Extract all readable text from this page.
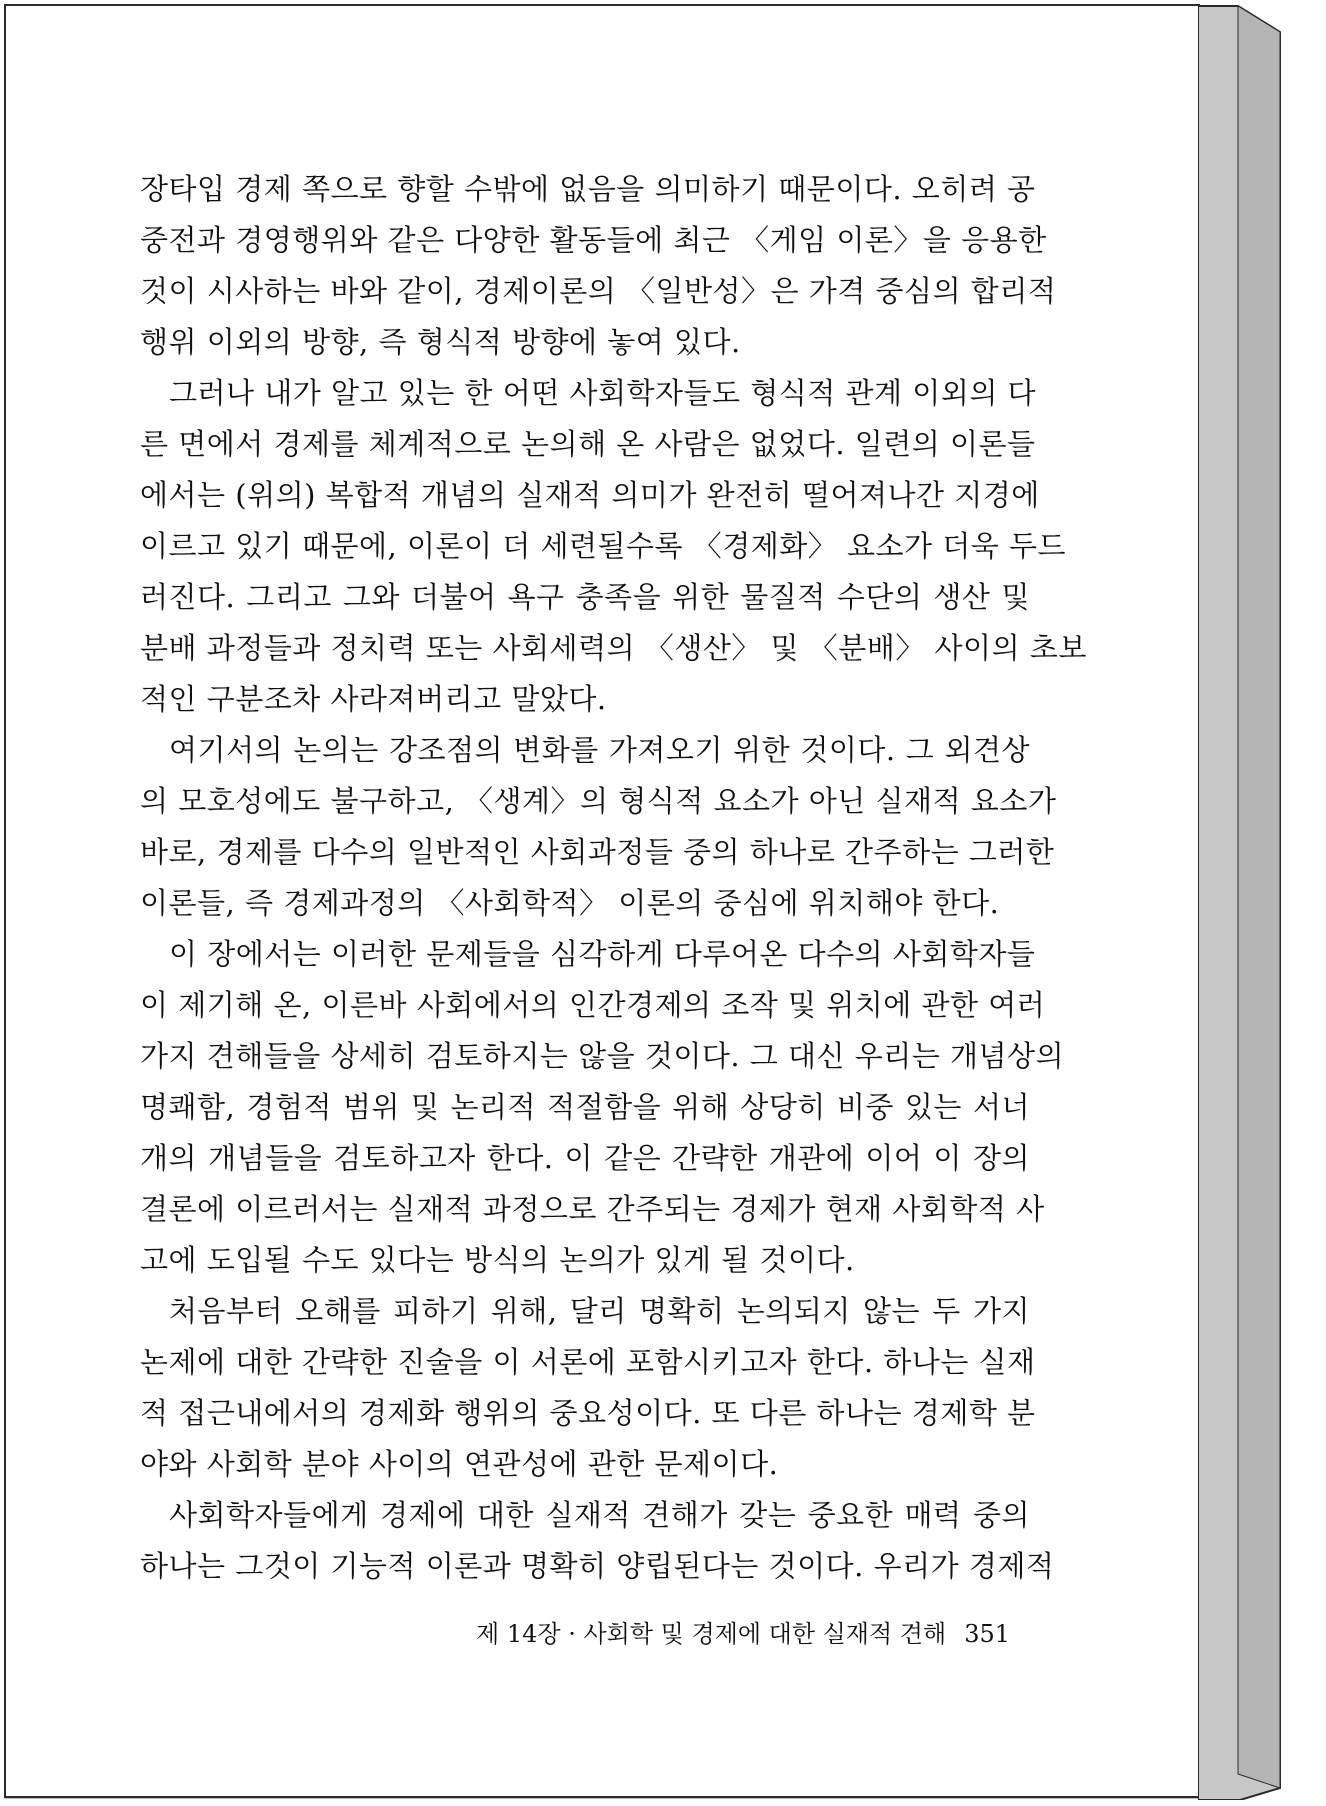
장타입 경제 쪽으로 향할 수밖에 없음을 의미하기 때문이다. 오히려 공
중전과 경영행위와 같은 다양한 활동들에 최근 〈게임 이론〉을 응용한
것이 시사하는 바와 같이, 경제이론의 〈일반성〉은 가격 중심의 합리적
행위 이외의 방향, 즉 형식적 방향에 놓여 있다.
그러나 내가 알고 있는 한 어떤 사회학자들도 형식적 관계 이외의 다
른 면에서 경제를 체계적으로 논의해 온 사람은 없었다. 일련의 이론들
에서는 (위의) 복합적 개념의 실재적 의미가 완전히 떨어져나간 지경에
이르고 있기 때문에, 이론이 더 세련될수록 〈경제화〉 요소가 더욱 두드
러진다. 그리고 그와 더불어 욕구 충족을 위한 물질적 수단의 생산 및
분배 과정들과 정치력 또는 사회세력의 〈생산〉 및 〈분배〉 사이의 초보
적인 구분조차 사라져버리고 말았다.
여기서의 논의는 강조점의 변화를 가져오기 위한 것이다. 그 외견상
의 모호성에도 불구하고, 〈생계〉의 형식적 요소가 아닌 실재적 요소가
바로, 경제를 다수의 일반적인 사회과정들 중의 하나로 간주하는 그러한
이론들, 즉 경제과정의 〈사회학적〉 이론의 중심에 위치해야 한다.
이 장에서는 이러한 문제들을 심각하게 다루어온 다수의 사회학자들
이 제기해 온, 이른바 사회에서의 인간경제의 조작 및 위치에 관한 여러
가지 견해들을 상세히 검토하지는 않을 것이다. 그 대신 우리는 개념상의
명쾌함, 경험적 범위 및 논리적 적절함을 위해 상당히 비중 있는 서너
개의 개념들을 검토하고자 한다. 이 같은 간략한 개관에 이어 이 장의
결론에 이르러서는 실재적 과정으로 간주되는 경제가 현재 사회학적 사
고에 도입될 수도 있다는 방식의 논의가 있게 될 것이다.
처음부터 오해를 피하기 위해, 달리 명확히 논의되지 않는 두 가지
논제에 대한 간략한 진술을 이 서론에 포함시키고자 한다. 하나는 실재
적 접근내에서의 경제화 행위의 중요성이다. 또 다른 하나는 경제학 분
야와 사회학 분야 사이의 연관성에 관한 문제이다.
사회학자들에게 경제에 대한 실재적 견해가 갖는 중요한 매력 중의
하나는 그것이 기능적 이론과 명확히 양립된다는 것이다. 우리가 경제적
제 14장 · 사회학 및 경제에 대한 실재적 견해 351
